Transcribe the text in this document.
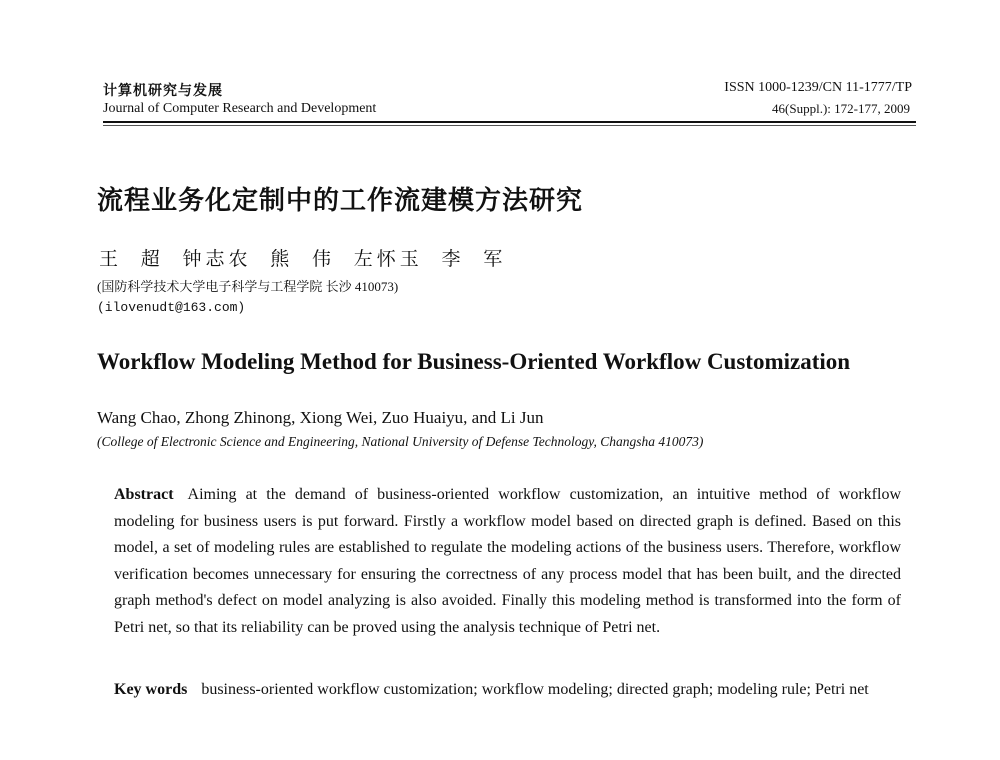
计算机研究与发展
Journal of Computer Research and Development
ISSN 1000-1239/CN 11-1777/TP
46(Suppl.): 172-177, 2009
流程业务化定制中的工作流建模方法研究
王 超 钟志农 熊 伟 左怀玉 李 军
(国防科学技术大学电子科学与工程学院 长沙 410073)
(ilovenudt@163.com)
Workflow Modeling Method for Business-Oriented Workflow Customization
Wang Chao, Zhong Zhinong, Xiong Wei, Zuo Huaiyu, and Li Jun
(College of Electronic Science and Engineering, National University of Defense Technology, Changsha 410073)
Abstract Aiming at the demand of business-oriented workflow customization, an intuitive method of workflow modeling for business users is put forward. Firstly a workflow model based on directed graph is defined. Based on this model, a set of modeling rules are established to regulate the modeling actions of the business users. Therefore, workflow verification becomes unnecessary for ensuring the correctness of any process model that has been built, and the directed graph method's defect on model analyzing is also avoided. Finally this modeling method is transformed into the form of Petri net, so that its reliability can be proved using the analysis technique of Petri net.
Key words business-oriented workflow customization; workflow modeling; directed graph; modeling rule; Petri net
